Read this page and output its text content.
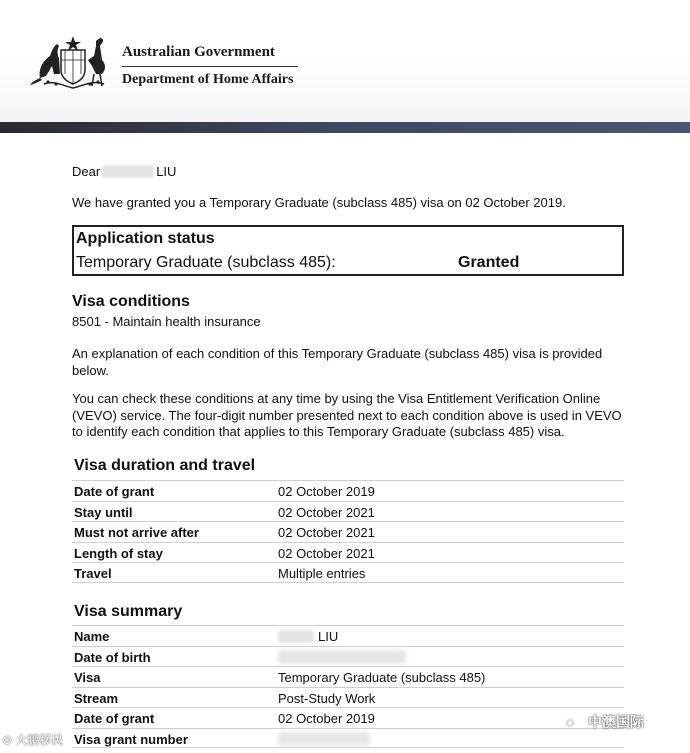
Australian Government
Department of Home Affairs
Dear	LIU
We have granted you a Temporary Graduate (subclass 485) visa on 02 October 2019.
Application status
Temporary Graduate (subclass 485):	Granted
Visa conditions
8501 - Maintain health insurance
An explanation of each condition of this Temporary Graduate (subclass 485) visa is provided below.
You can check these conditions at any time by using the Visa Entitlement Verification Online (VEVO) service. The four-digit number presented next to each condition above is used in VEVO to identify each condition that applies to this Temporary Graduate (subclass 485) visa.
Visa duration and travel
Date of grant	02 October 2019
Stay until	02 October 2021
Must not arrive after	02 October 2021
Length of stay	02 October 2021
Travel	Multiple entries
Visa summary
Name	LIU
Date of birth
Visa	Temporary Graduate (subclass 485)
Stream	Post-Study Work
Date of grant	02 October 2019
Visa grant number
⊙ 大鹏移民
◌ 中澳国际
